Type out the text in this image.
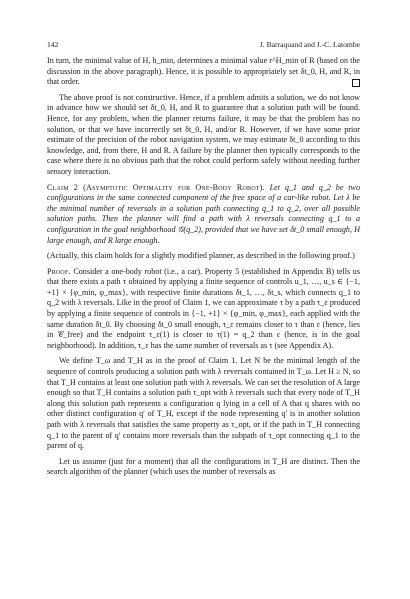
142	J. Barraquand and J.-C. Latombe

In turn, the minimal value of H, h_min, determines a minimal value r^H_min of R (based on the discussion in the above paragraph). Hence, it is possible to appropriately set δt_0, H, and R, in that order.

The above proof is not constructive. Hence, if a problem admits a solution, we do not know in advance how we should set δt_0, H, and R to guarantee that a solution path will be found. Hence, for any problem, when the planner returns failure, it may be that the problem has no solution, or that we have incorrectly set δt_0, H, and/or R. However, if we have some prior estimate of the precision of the robot navigation system, we may estimate δt_0 according to this knowledge, and, from there, H and R. A failure by the planner then typically corresponds to the case where there is no obvious path that the robot could perform safely without needing further sensory interaction.

Claim 2 (Asymptotic Optimality for One-Body Robot). Let q_1 and q_2 be two configurations in the same connected component of the free space of a car-like robot. Let λ be the minimal number of reversals in a solution path connecting q_1 to q_2, over all possible solution paths. Then the planner will find a path with λ reversals connecting q_1 to a configuration in the goal neighborhood 𝒢(q_2), provided that we have set δt_0 small enough, H large enough, and R large enough.

(Actually, this claim holds for a slightly modified planner, as described in the following proof.)

Proof. Consider a one-body robot (i.e., a car). Property 5 (established in Appendix B) tells us that there exists a path τ obtained by applying a finite sequence of controls u_1, …, u_s ∈ {−1, +1} × {φ_min, φ_max}, with respective finite durations δt_1, …, δt_s, which connects q_1 to q_2 with λ reversals. Like in the proof of Claim 1, we can approximate τ by a path τ_ε produced by applying a finite sequence of controls in {−1, +1} × {φ_min, φ_max}, each applied with the same duration δt_0. By choosing δt_0 small enough, τ_ε remains closer to τ than ε (hence, lies in 𝒞_free) and the endpoint τ_ε(1) is closer to τ(1) = q_2 than ε (hence, is in the goal neighborhood). In addition, τ_ε has the same number of reversals as τ (see Appendix A).

We define T_ω and T_H as in the proof of Claim 1. Let N be the minimal length of the sequence of controls producing a solution path with λ reversals contained in T_ω. Let H ≥ N, so that T_H contains at least one solution path with λ reversals. We can set the resolution of A large enough so that T_H contains a solution path τ_opt with λ reversals such that every node of T_H along this solution path represents a configuration q lying in a cell of A that q shares with no other distinct configuration q′ of T_H, except if the node representing q′ is in another solution path with λ reversals that satisfies the same property as τ_opt, or if the path in T_H connecting q_1 to the parent of q′ contains more reversals than the subpath of τ_opt connecting q_1 to the parent of q.

Let us assume (just for a moment) that all the configurations in T_H are distinct. Then the search algorithm of the planner (which uses the number of reversals as
